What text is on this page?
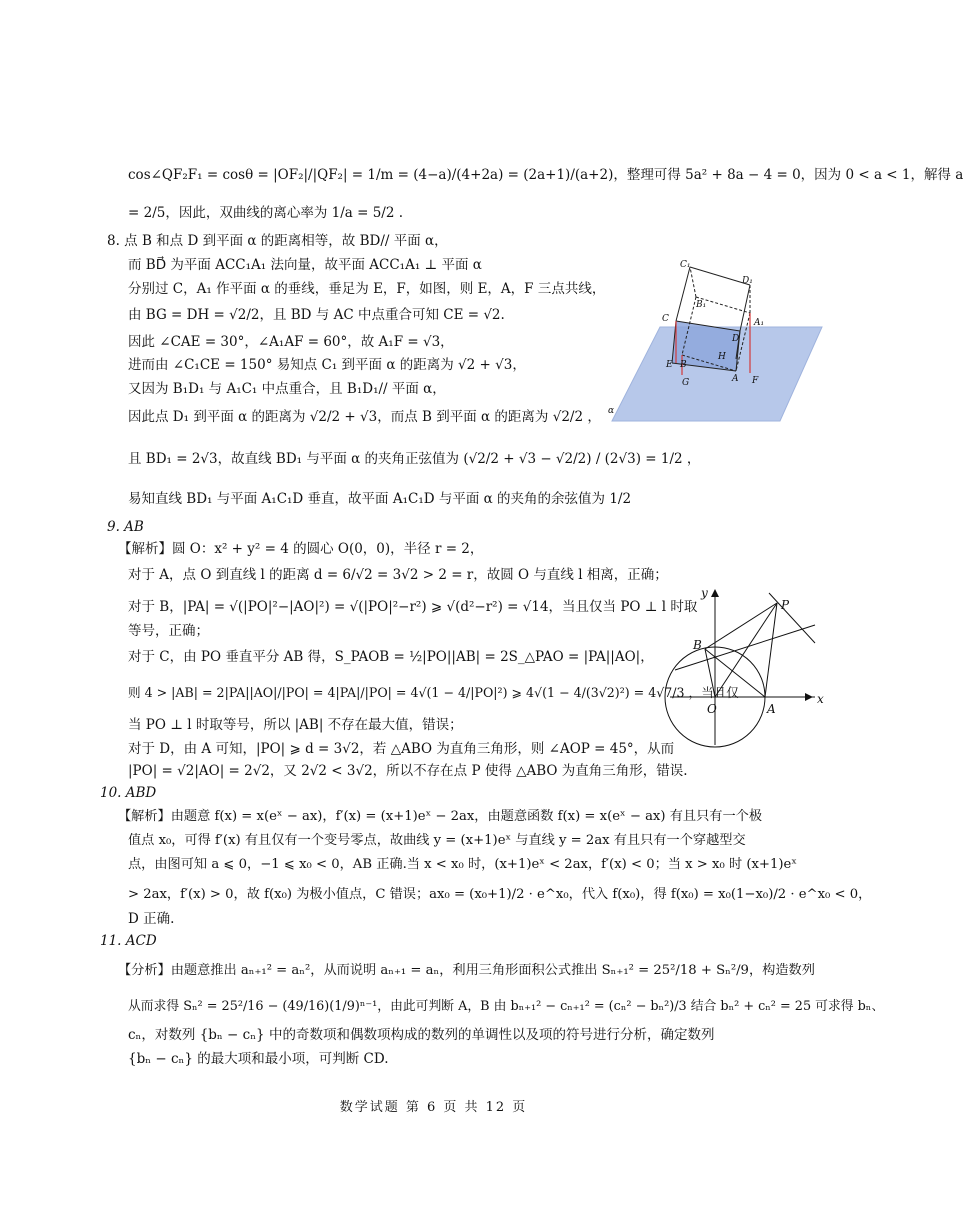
cos∠QF₂F₁ = cosθ = |OF₂|/|QF₂| = 1/m = (4−a)/(4+2a) = (2a+1)/(a+2)，整理可得 5a² + 8a − 4 = 0，因为 0 < a < 1，解得 a
= 2/5，因此，双曲线的离心率为 1/a = 5/2 .
8. 点 B 和点 D 到平面 α 的距离相等，故 BD// 平面 α，
而 BD⃗ 为平面 ACC₁A₁ 法向量，故平面 ACC₁A₁ ⊥ 平面 α
分别过 C，A₁ 作平面 α 的垂线，垂足为 E，F，如图，则 E，A，F 三点共线，
由 BG = DH = √2/2，且 BD 与 AC 中点重合可知 CE = √2.
因此 ∠CAE = 30°，∠A₁AF = 60°，故 A₁F = √3，
进而由 ∠C₁CE = 150° 易知点 C₁ 到平面 α 的距离为 √2 + √3，
又因为 B₁D₁ 与 A₁C₁ 中点重合，且 B₁D₁// 平面 α，
因此点 D₁ 到平面 α 的距离为 √2/2 + √3，而点 B 到平面 α 的距离为 √2/2 ，
且 BD₁ = 2√3，故直线 BD₁ 与平面 α 的夹角正弦值为 (√2/2 + √3 − √2/2) / (2√3) = 1/2 ，
易知直线 BD₁ 与平面 A₁C₁D 垂直，故平面 A₁C₁D 与平面 α 的夹角的余弦值为 1/2
9. AB
【解析】圆 O：x² + y² = 4 的圆心 O(0，0)，半径 r = 2，
对于 A，点 O 到直线 l 的距离 d = 6/√2 = 3√2 > 2 = r，故圆 O 与直线 l 相离，正确；
对于 B，|PA| = √(|PO|²−|AO|²) = √(|PO|²−r²) ⩾ √(d²−r²) = √14，当且仅当 PO ⊥ l 时取
等号，正确；
对于 C，由 PO 垂直平分 AB 得，S_PAOB = ½|PO||AB| = 2S_△PAO = |PA||AO|，
则 4 > |AB| = 2|PA||AO|/|PO| = 4|PA|/|PO| = 4√(1 − 4/|PO|²) ⩾ 4√(1 − 4/(3√2)²) = 4√7/3 ，当且仅
当 PO ⊥ l 时取等号，所以 |AB| 不存在最大值，错误；
对于 D，由 A 可知，|PO| ⩾ d = 3√2，若 △ABO 为直角三角形，则 ∠AOP = 45°，从而
|PO| = √2|AO| = 2√2，又 2√2 < 3√2，所以不存在点 P 使得 △ABO 为直角三角形，错误.
10. ABD
【解析】由题意 f(x) = x(eˣ − ax)，f′(x) = (x+1)eˣ − 2ax，由题意函数 f(x) = x(eˣ − ax) 有且只有一个极
值点 x₀，可得 f′(x) 有且仅有一个变号零点，故曲线 y = (x+1)eˣ 与直线 y = 2ax 有且只有一个穿越型交
点，由图可知 a ⩽ 0，−1 ⩽ x₀ < 0，AB 正确.当 x < x₀ 时，(x+1)eˣ < 2ax，f′(x) < 0；当 x > x₀ 时 (x+1)eˣ
> 2ax，f′(x) > 0，故 f(x₀) 为极小值点，C 错误；ax₀ = (x₀+1)/2 · e^x₀，代入 f(x₀)，得 f(x₀) = x₀(1−x₀)/2 · e^x₀ < 0，
D 正确.
11. ACD
【分析】由题意推出 aₙ₊₁² = aₙ²，从而说明 aₙ₊₁ = aₙ，利用三角形面积公式推出 Sₙ₊₁² = 25²/18 + Sₙ²/9，构造数列
从而求得 Sₙ² = 25²/16 − (49/16)(1/9)ⁿ⁻¹，由此可判断 A，B 由 bₙ₊₁² − cₙ₊₁² = (cₙ² − bₙ²)/3 结合 bₙ² + cₙ² = 25 可求得 bₙ、
cₙ，对数列 {bₙ − cₙ} 中的奇数项和偶数项构成的数列的单调性以及项的符号进行分析，确定数列
{bₙ − cₙ} 的最大项和最小项，可判断 CD.
C₁
D₁
B₁
C	A₁
D
H
E B
A F
G
α
y
P
B
O	A
x
数学试题 第 6 页 共 12 页
